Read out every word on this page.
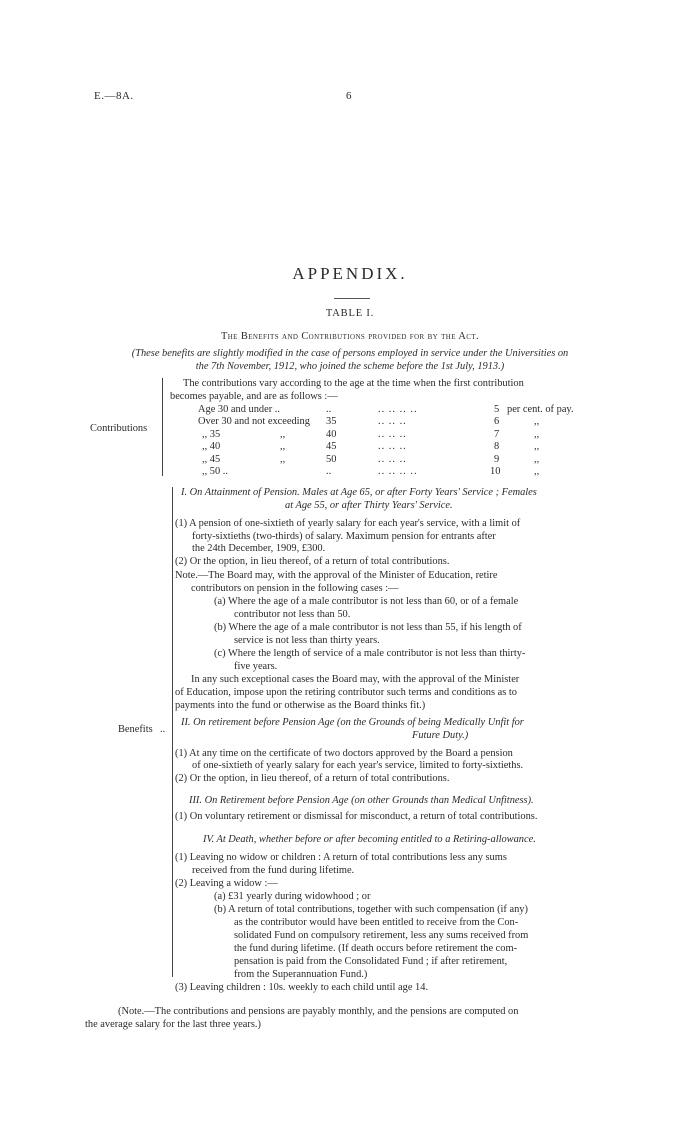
E.—8A.	6
APPENDIX.
TABLE I.
The Benefits and Contributions provided for by the Act.
(These benefits are slightly modified in the case of persons employed in service under the Universities on
the 7th November, 1912, who joined the scheme before the 1st July, 1913.)
Contributions
The contributions vary according to the age at the time when the first contribution
becomes payable, and are as follows :—
Age 30 and under ..	..	.. .. .. ..	5 per cent. of pay.
Over 30 and not exceeding 35	.. .. ..	6	,,
,, 35	,,	40	.. .. ..	7	,,
,, 40	,,	45	.. .. ..	8	,,
,, 45	,,	50	.. .. ..	9	,,
,, 50 ..	..	.. .. .. ..	10	,,
Benefits ..
I. On Attainment of Pension. Males at Age 65, or after Forty Years' Service ; Females
at Age 55, or after Thirty Years' Service.
(1) A pension of one-sixtieth of yearly salary for each year's service, with a limit of
forty-sixtieths (two-thirds) of salary. Maximum pension for entrants after
the 24th December, 1909, £300.
(2) Or the option, in lieu thereof, of a return of total contributions.
Note.—The Board may, with the approval of the Minister of Education, retire
contributors on pension in the following cases :—
(a) Where the age of a male contributor is not less than 60, or of a female
contributor not less than 50.
(b) Where the age of a male contributor is not less than 55, if his length of
service is not less than thirty years.
(c) Where the length of service of a male contributor is not less than thirty-
five years.
In any such exceptional cases the Board may, with the approval of the Minister
of Education, impose upon the retiring contributor such terms and conditions as to
payments into the fund or otherwise as the Board thinks fit.)
II. On retirement before Pension Age (on the Grounds of being Medically Unfit for
Future Duty.)
(1) At any time on the certificate of two doctors approved by the Board a pension
of one-sixtieth of yearly salary for each year's service, limited to forty-sixtieths.
(2) Or the option, in lieu thereof, of a return of total contributions.
III. On Retirement before Pension Age (on other Grounds than Medical Unfitness).
(1) On voluntary retirement or dismissal for misconduct, a return of total contributions.
IV. At Death, whether before or after becoming entitled to a Retiring-allowance.
(1) Leaving no widow or children : A return of total contributions less any sums
received from the fund during lifetime.
(2) Leaving a widow :—
(a) £31 yearly during widowhood ; or
(b) A return of total contributions, together with such compensation (if any)
as the contributor would have been entitled to receive from the Con-
solidated Fund on compulsory retirement, less any sums received from
the fund during lifetime. (If death occurs before retirement the com-
pensation is paid from the Consolidated Fund ; if after retirement,
from the Superannuation Fund.)
(3) Leaving children : 10s. weekly to each child until age 14.
(Note.—The contributions and pensions are payably monthly, and the pensions are computed on
the average salary for the last three years.)
